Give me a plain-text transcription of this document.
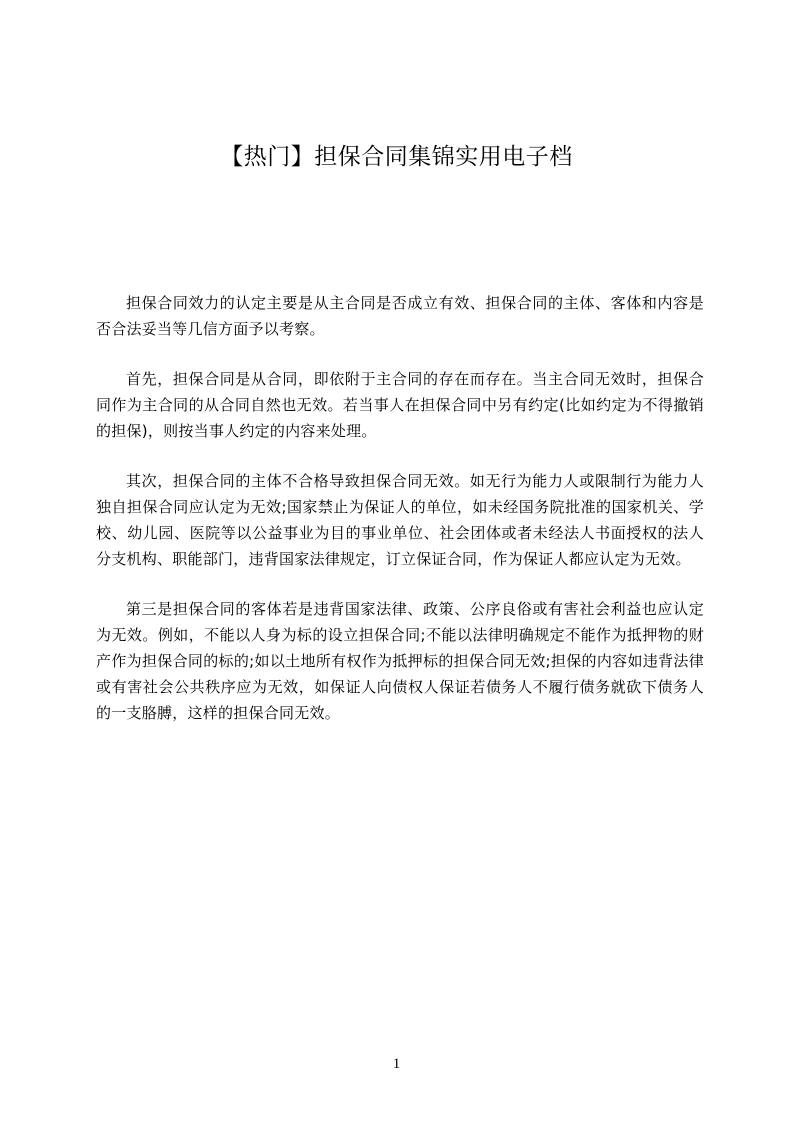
【热门】担保合同集锦实用电子档

担保合同效力的认定主要是从主合同是否成立有效、担保合同的主体、客体和内容是否合法妥当等几信方面予以考察。

首先，担保合同是从合同，即依附于主合同的存在而存在。当主合同无效时，担保合同作为主合同的从合同自然也无效。若当事人在担保合同中另有约定(比如约定为不得撤销的担保)，则按当事人约定的内容来处理。

其次，担保合同的主体不合格导致担保合同无效。如无行为能力人或限制行为能力人独自担保合同应认定为无效;国家禁止为保证人的单位，如未经国务院批准的国家机关、学校、幼儿园、医院等以公益事业为目的事业单位、社会团体或者未经法人书面授权的法人分支机构、职能部门，违背国家法律规定，订立保证合同，作为保证人都应认定为无效。

第三是担保合同的客体若是违背国家法律、政策、公序良俗或有害社会利益也应认定为无效。例如，不能以人身为标的设立担保合同;不能以法律明确规定不能作为抵押物的财产作为担保合同的标的;如以土地所有权作为抵押标的担保合同无效;担保的内容如违背法律或有害社会公共秩序应为无效，如保证人向债权人保证若债务人不履行债务就砍下债务人的一支胳膊，这样的担保合同无效。

1
